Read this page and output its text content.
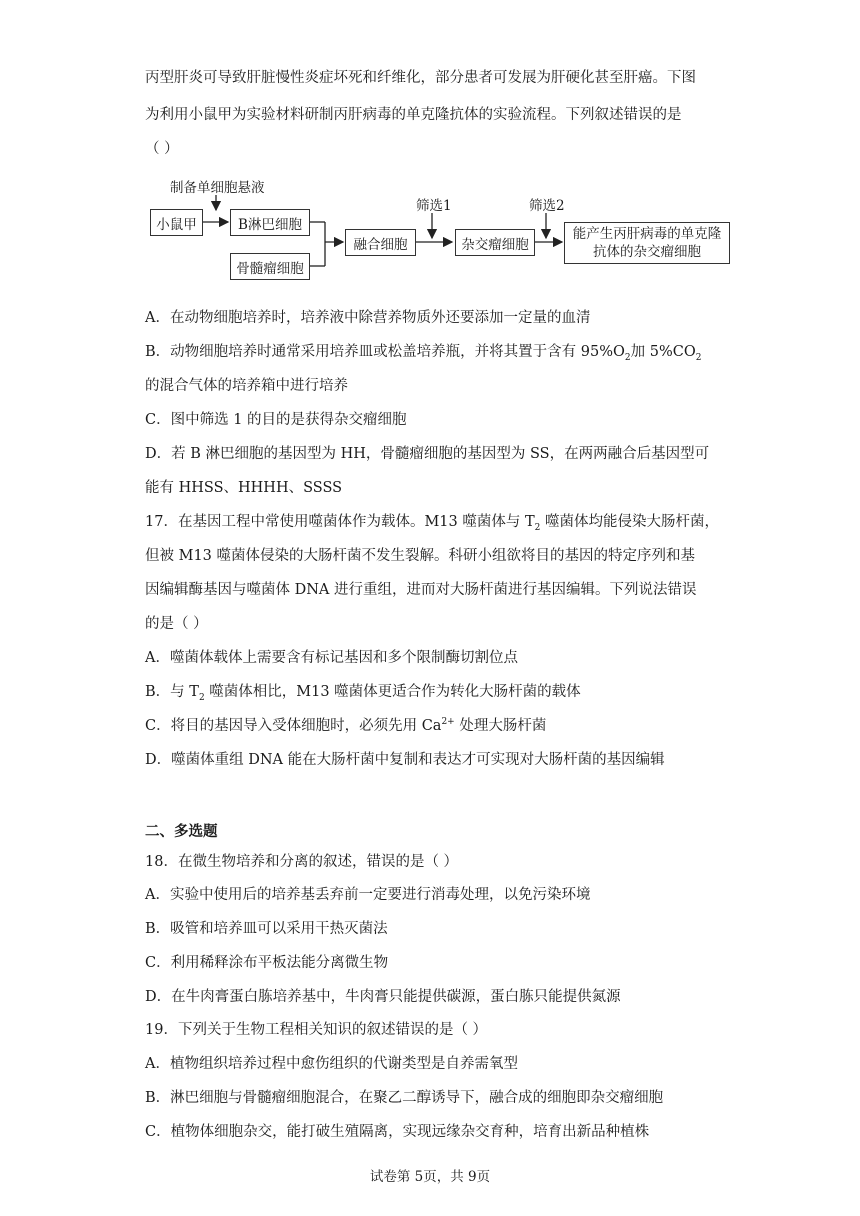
丙型肝炎可导致肝脏慢性炎症坏死和纤维化，部分患者可发展为肝硬化甚至肝癌。下图
为利用小鼠甲为实验材料研制丙肝病毒的单克隆抗体的实验流程。下列叙述错误的是
（ ）
制备单细胞悬液
小鼠甲	B淋巴细胞
骨髓瘤细胞
融合细胞
筛选1
杂交瘤细胞
筛选2
能产生丙肝病毒的单克隆
抗体的杂交瘤细胞
A．在动物细胞培养时，培养液中除营养物质外还要添加一定量的血清
B．动物细胞培养时通常采用培养皿或松盖培养瓶，并将其置于含有 $95\%O_2$加 $5\%CO_2$
的混合气体的培养箱中进行培养
C．图中筛选 1 的目的是获得杂交瘤细胞
D．若 B 淋巴细胞的基因型为 HH，骨髓瘤细胞的基因型为 SS，在两两融合后基因型可
能有 HHSS、HHHH、SSSS
17．在基因工程中常使用噬菌体作为载体。M13 噬菌体与 $T_2$ 噬菌体均能侵染大肠杆菌，
但被 M13 噬菌体侵染的大肠杆菌不发生裂解。科研小组欲将目的基因的特定序列和基
因编辑酶基因与噬菌体 DNA 进行重组，进而对大肠杆菌进行基因编辑。下列说法错误
的是（ ）
A．噬菌体载体上需要含有标记基因和多个限制酶切割位点
B．与 $T_2$ 噬菌体相比，M13 噬菌体更适合作为转化大肠杆菌的载体
C．将目的基因导入受体细胞时，必须先用 $Ca^{2+}$ 处理大肠杆菌
D．噬菌体重组 DNA 能在大肠杆菌中复制和表达才可实现对大肠杆菌的基因编辑
二、多选题
18．在微生物培养和分离的叙述，错误的是（ ）
A．实验中使用后的培养基丢弃前一定要进行消毒处理，以免污染环境
B．吸管和培养皿可以采用干热灭菌法
C．利用稀释涂布平板法能分离微生物
D．在牛肉膏蛋白胨培养基中，牛肉膏只能提供碳源，蛋白胨只能提供氮源
19．下列关于生物工程相关知识的叙述错误的是（ ）
A．植物组织培养过程中愈伤组织的代谢类型是自养需氧型
B．淋巴细胞与骨髓瘤细胞混合，在聚乙二醇诱导下，融合成的细胞即杂交瘤细胞
C．植物体细胞杂交，能打破生殖隔离，实现远缘杂交育种，培育出新品种植株
试卷第 5页，共 9页
